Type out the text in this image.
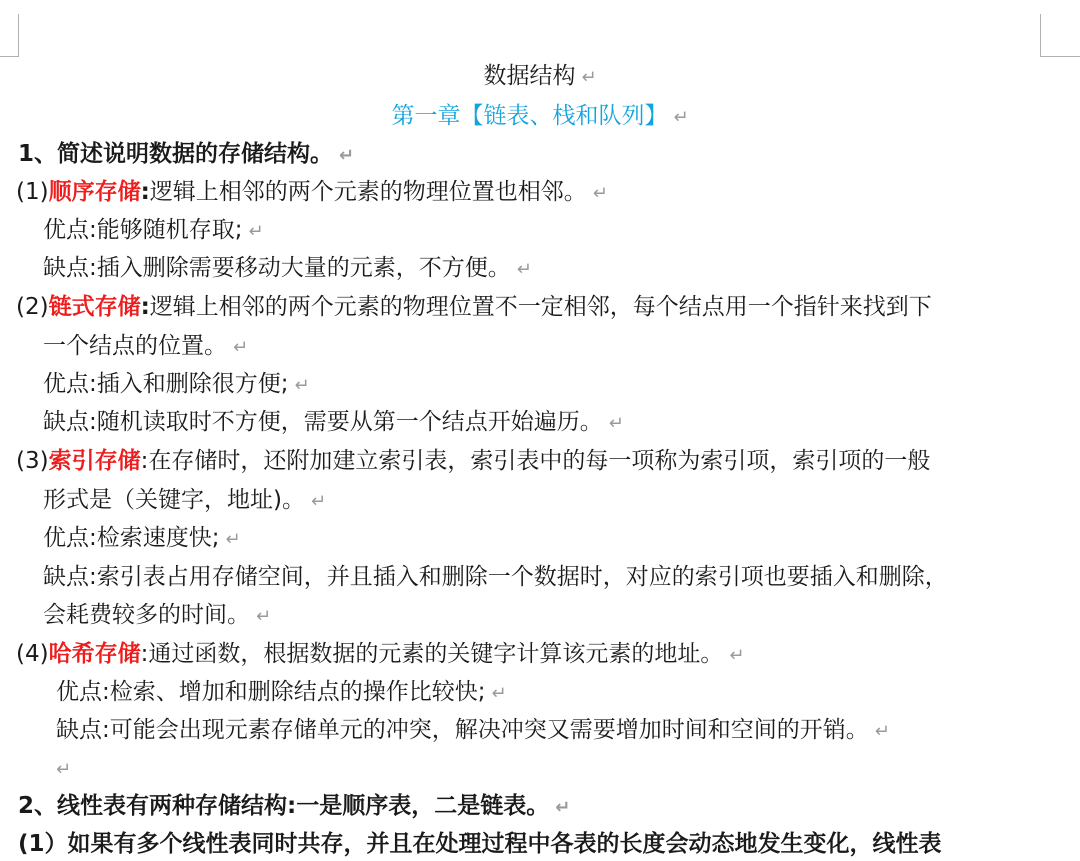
数据结构 ↵
第一章【链表、栈和队列】 ↵
1、简述说明数据的存储结构。 ↵
(1)顺序存储:逻辑上相邻的两个元素的物理位置也相邻。 ↵
优点:能够随机存取; ↵
缺点:插入删除需要移动大量的元素，不方便。 ↵
(2)链式存储:逻辑上相邻的两个元素的物理位置不一定相邻，每个结点用一个指针来找到下
一个结点的位置。 ↵
优点:插入和删除很方便; ↵
缺点:随机读取时不方便，需要从第一个结点开始遍历。 ↵
(3)索引存储:在存储时，还附加建立索引表，索引表中的每一项称为索引项，索引项的一般
形式是（关键字，地址)。 ↵
优点:检索速度快; ↵
缺点:索引表占用存储空间，并且插入和删除一个数据时，对应的索引项也要插入和删除，
会耗费较多的时间。 ↵
(4)哈希存储:通过函数，根据数据的元素的关键字计算该元素的地址。 ↵
优点:检索、增加和删除结点的操作比较快; ↵
缺点:可能会出现元素存储单元的冲突，解决冲突又需要增加时间和空间的开销。 ↵
↵
2、线性表有两种存储结构:一是顺序表，二是链表。 ↵
(1）如果有多个线性表同时共存，并且在处理过程中各表的长度会动态地发生变化，线性表
